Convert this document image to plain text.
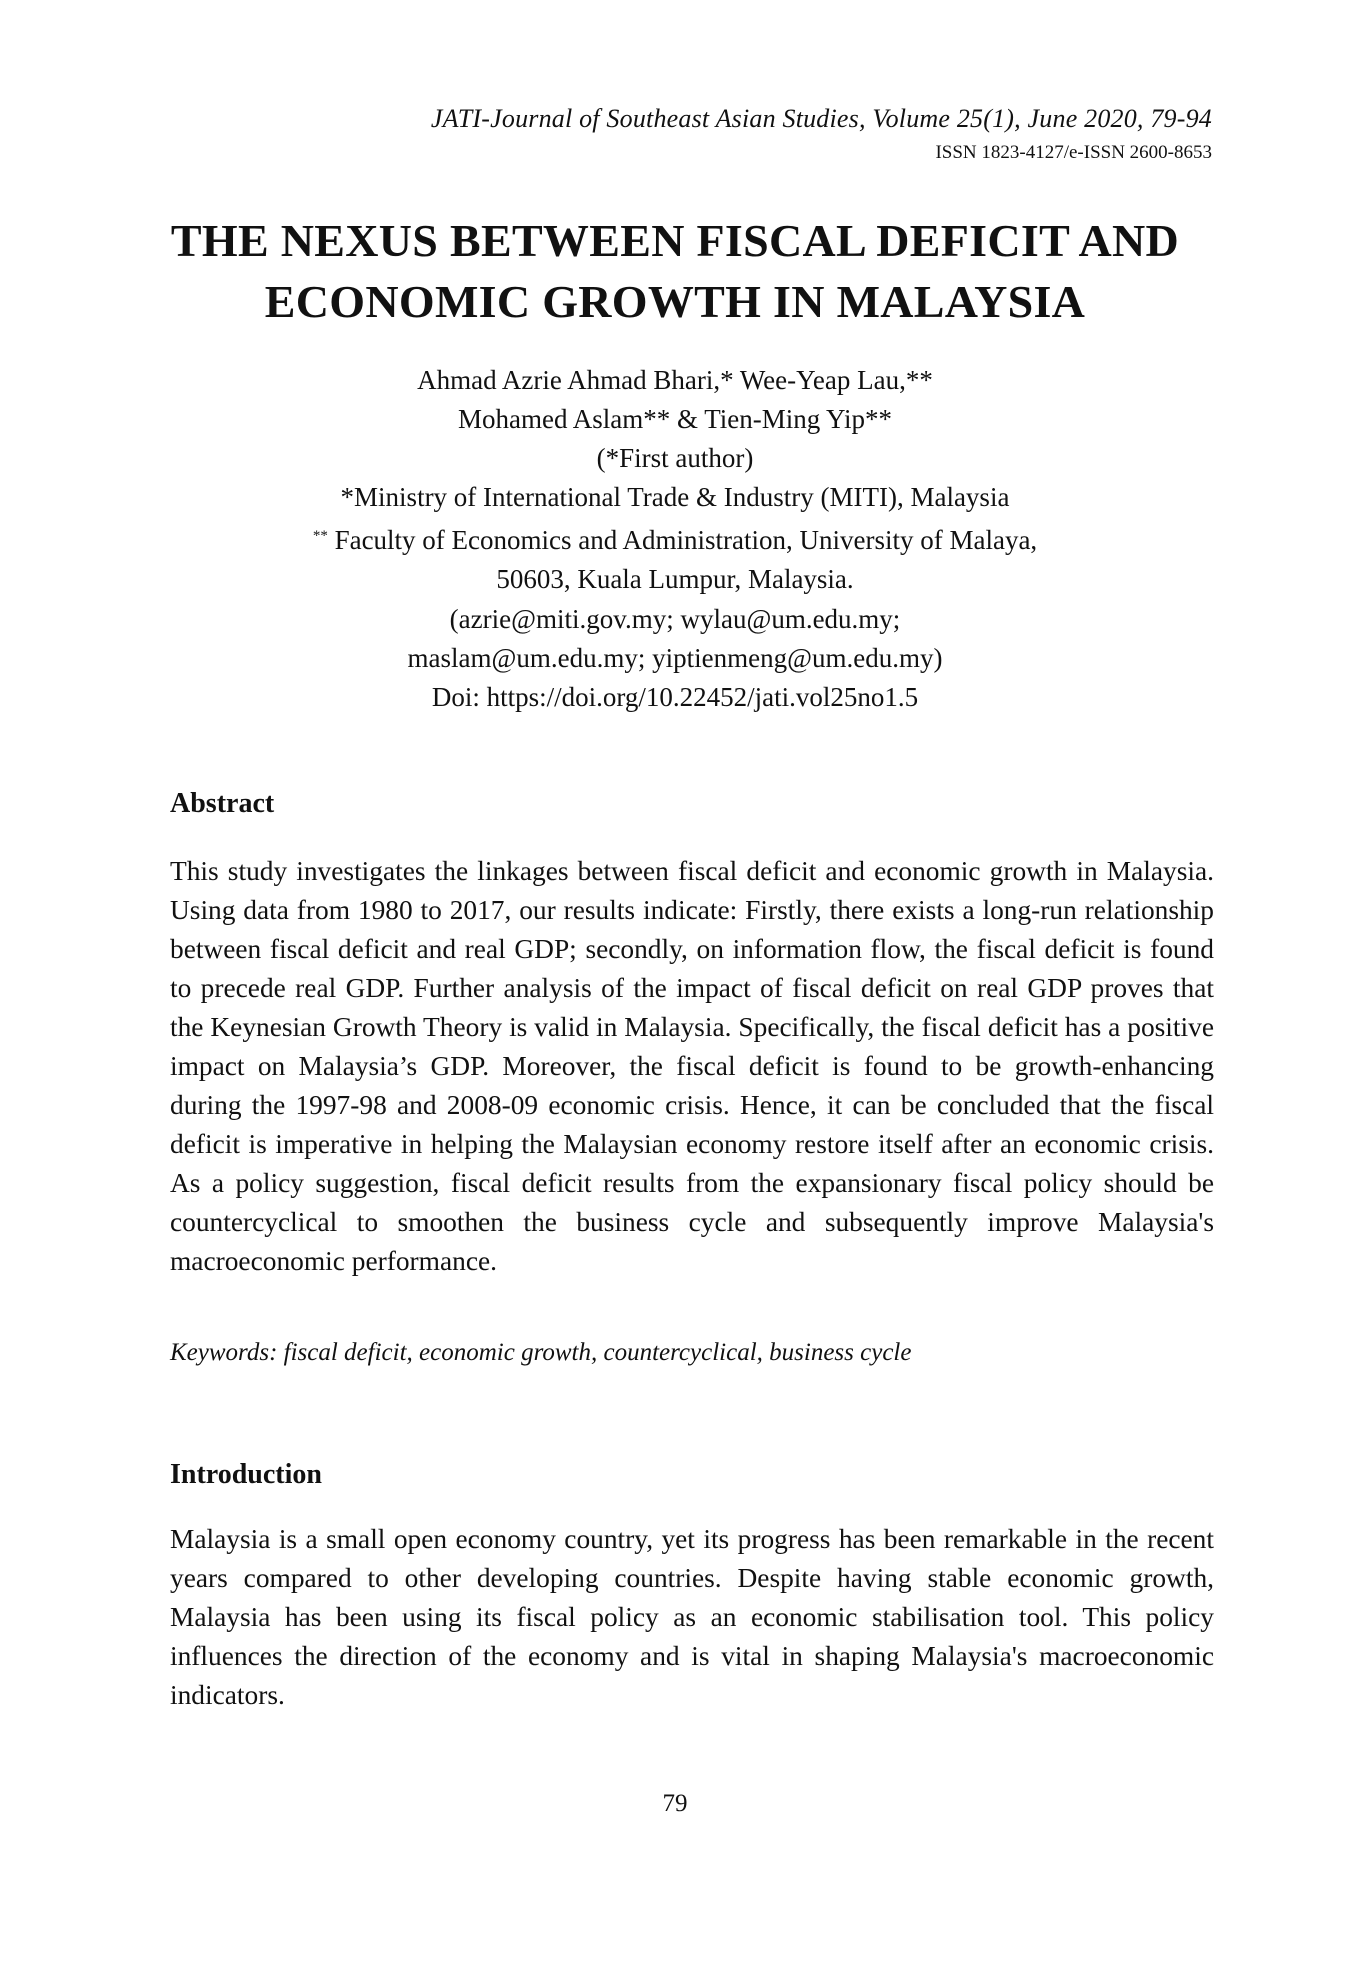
JATI-Journal of Southeast Asian Studies, Volume 25(1), June 2020, 79-94
ISSN 1823-4127/e-ISSN 2600-8653
THE NEXUS BETWEEN FISCAL DEFICIT AND
ECONOMIC GROWTH IN MALAYSIA
Ahmad Azrie Ahmad Bhari,* Wee-Yeap Lau,**
Mohamed Aslam** & Tien-Ming Yip**
(*First author)
*Ministry of International Trade & Industry (MITI), Malaysia
** Faculty of Economics and Administration, University of Malaya,
50603, Kuala Lumpur, Malaysia.
(azrie@miti.gov.my; wylau@um.edu.my;
maslam@um.edu.my; yiptienmeng@um.edu.my)
Doi: https://doi.org/10.22452/jati.vol25no1.5
Abstract

This study investigates the linkages between fiscal deficit and economic growth in Malaysia. Using data from 1980 to 2017, our results indicate: Firstly, there exists a long-run relationship between fiscal deficit and real GDP; secondly, on information flow, the fiscal deficit is found to precede real GDP. Further analysis of the impact of fiscal deficit on real GDP proves that the Keynesian Growth Theory is valid in Malaysia. Specifically, the fiscal deficit has a positive impact on Malaysia’s GDP. Moreover, the fiscal deficit is found to be growth-enhancing during the 1997-98 and 2008-09 economic crisis. Hence, it can be concluded that the fiscal deficit is imperative in helping the Malaysian economy restore itself after an economic crisis. As a policy suggestion, fiscal deficit results from the expansionary fiscal policy should be countercyclical to smoothen the business cycle and subsequently improve Malaysia's macroeconomic performance.

Keywords: fiscal deficit, economic growth, countercyclical, business cycle
Introduction

Malaysia is a small open economy country, yet its progress has been remarkable in the recent years compared to other developing countries. Despite having stable economic growth, Malaysia has been using its fiscal policy as an economic stabilisation tool. This policy influences the direction of the economy and is vital in shaping Malaysia's macroeconomic indicators.

79
